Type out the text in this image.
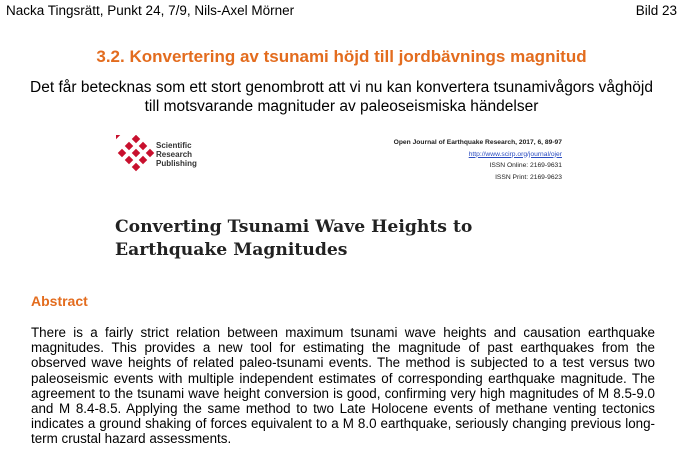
Nacka Tingsrätt, Punkt 24, 7/9, Nils-Axel Mörner	Bild 23
3.2. Konvertering av tsunami höjd till jordbävnings magnitud
Det får betecknas som ett stort genombrott att vi nu kan konvertera tsunamivågors våghöjd till motsvarande magnituder av paleoseismiska händelser
Scientific
Research
Publishing
Open Journal of Earthquake Research, 2017, 6, 89-97
http://www.scirp.org/journal/ojer
ISSN Online: 2169-9631
ISSN Print: 2169-9623
Converting Tsunami Wave Heights to
Earthquake Magnitudes
Abstract
There is a fairly strict relation between maximum tsunami wave heights and causation earthquake magnitudes. This provides a new tool for estimating the magnitude of past earthquakes from the observed wave heights of related paleo-tsunami events. The method is subjected to a test versus two paleoseismic events with multiple independent estimates of corresponding earthquake magnitude. The agreement to the tsunami wave height conversion is good, confirming very high magnitudes of M 8.5-9.0 and M 8.4-8.5. Applying the same method to two Late Holocene events of methane venting tectonics indicates a ground shaking of forces equivalent to a M 8.0 earthquake, seriously changing previous long-term crustal hazard assessments.
